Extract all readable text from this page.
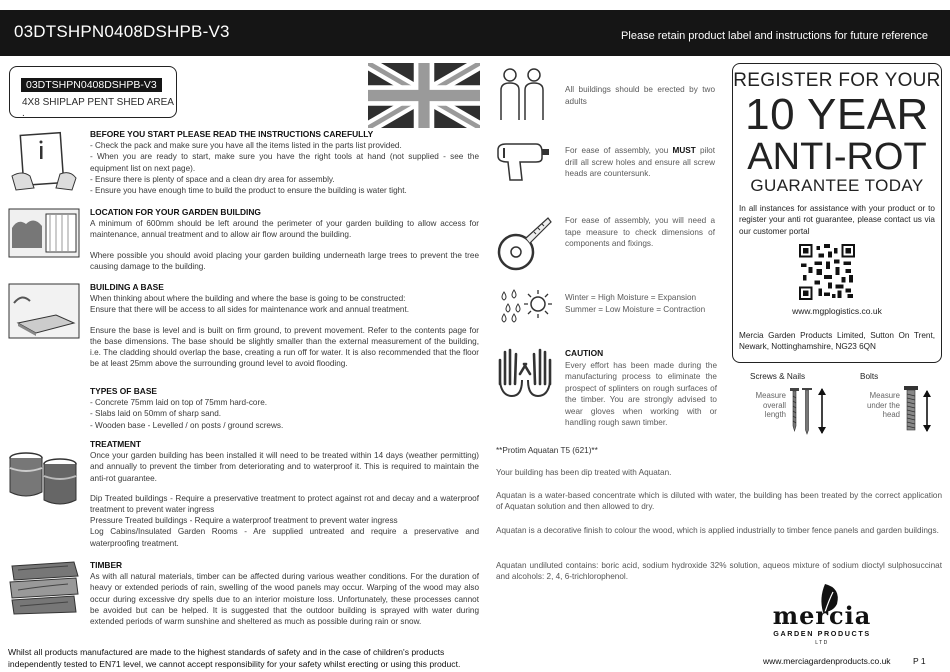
03DTSHPN0408DSHPB-V3	Please retain product label and instructions for future reference
03DTSHPN0408DSHPB-V3
4X8 SHIPLAP PENT SHED AREA .
BEFORE YOU START PLEASE READ THE INSTRUCTIONS CAREFULLY

- Check the pack and make sure you have all the items listed in the parts list provided.

- When you are ready to start, make sure you have the right tools at hand (not supplied - see the equipment list on next page).

- Ensure there is plenty of space and a clean dry area for assembly.

- Ensure you have enough time to build the product to ensure the building is water tight.

LOCATION FOR YOUR GARDEN BUILDING

A minimum of 600mm should be left around the perimeter of your garden building to allow access for maintenance, annual treatment and to allow air flow around the building.

Where possible you should avoid placing your garden building underneath large trees to prevent the tree causing damage to the building.

BUILDING A BASE

When thinking about where the building and where the base is going to be constructed:

Ensure that there will be access to all sides for maintenance work and annual treatment.

Ensure the base is level and is built on firm ground, to prevent movement. Refer to the contents page for the base dimensions. The base should be slightly smaller than the external measurement of the building, i.e. The cladding should overlap the base, creating a run off for water. It is also recommended that the floor be at least 25mm above the surrounding ground level to avoid flooding.

TYPES OF BASE

- Concrete 75mm laid on top of 75mm hard-core.

- Slabs laid on 50mm of sharp sand.

- Wooden base - Levelled / on posts / ground screws.

TREATMENT

Once your garden building has been installed it will need to be treated within 14 days (weather permitting) and annually to prevent the timber from deteriorating and to waterproof it. This is required to maintain the anti-rot guarantee.

Dip Treated buildings - Require a preservative treatment to protect against rot and decay and a waterproof treatment to prevent water ingress

Pressure Treated buildings - Require a waterproof treatment to prevent water ingress

Log Cabins/Insulated Garden Rooms - Are supplied untreated and require a preservative and waterproofing treatment.

TIMBER

As with all natural materials, timber can be affected during various weather conditions. For the duration of heavy or extended periods of rain, swelling of the wood panels may occur. Warping of the wood may also occur during excessive dry spells due to an interior moisture loss. Unfortunately, these processes cannot be avoided but can be helped. It is suggested that the outdoor building is sprayed with water during extended periods of warm sunshine and sheltered as much as possible during rain or snow.

All buildings should be erected by two adults
For ease of assembly, you MUST pilot drill all screw holes and ensure all screw heads are countersunk.
For ease of assembly, you will need a tape measure to check dimensions of components and fixings.

Winter = High Moisture = Expansion

Summer = Low Moisture = Contraction

CAUTION

Every effort has been made during the manufacturing process to eliminate the prospect of splinters on rough surfaces of the timber. You are strongly advised to wear gloves when working with or handling rough sawn timber.

**Protim Aquatan T5 (621)**
Your building has been dip treated with Aquatan.
Aquatan is a water-based concentrate which is diluted with water, the building has been treated by the correct application of Aquatan solution and then allowed to dry.
Aquatan is a decorative finish to colour the wood, which is applied industrially to timber fence panels and garden buildings.
Aquatan undiluted contains: boric acid, sodium hydroxide 32% solution, aqueos mixture of sodium dioctyl sulphosuccinat and alcohols: 2, 4, 6-trichlorophenol.
REGISTER FOR YOUR
10 YEAR
ANTI-ROT
GUARANTEE TODAY
In all instances for assistance with your product or to register your anti rot guarantee, please contact us via our customer portal
www.mgplogistics.co.uk
Mercia Garden Products Limited, Sutton On Trent, Newark, Nottinghamshire, NG23 6QN
Screws & Nails	Bolts
Measure overall length
Measure under the head
mercia
GARDEN PRODUCTS
LTD
Whilst all products manufactured are made to the highest standards of safety and in the case of children's products independently tested to EN71 level, we cannot accept responsibility for your safety whilst erecting or using this product.	www.merciagardenproducts.co.uk	P 1
